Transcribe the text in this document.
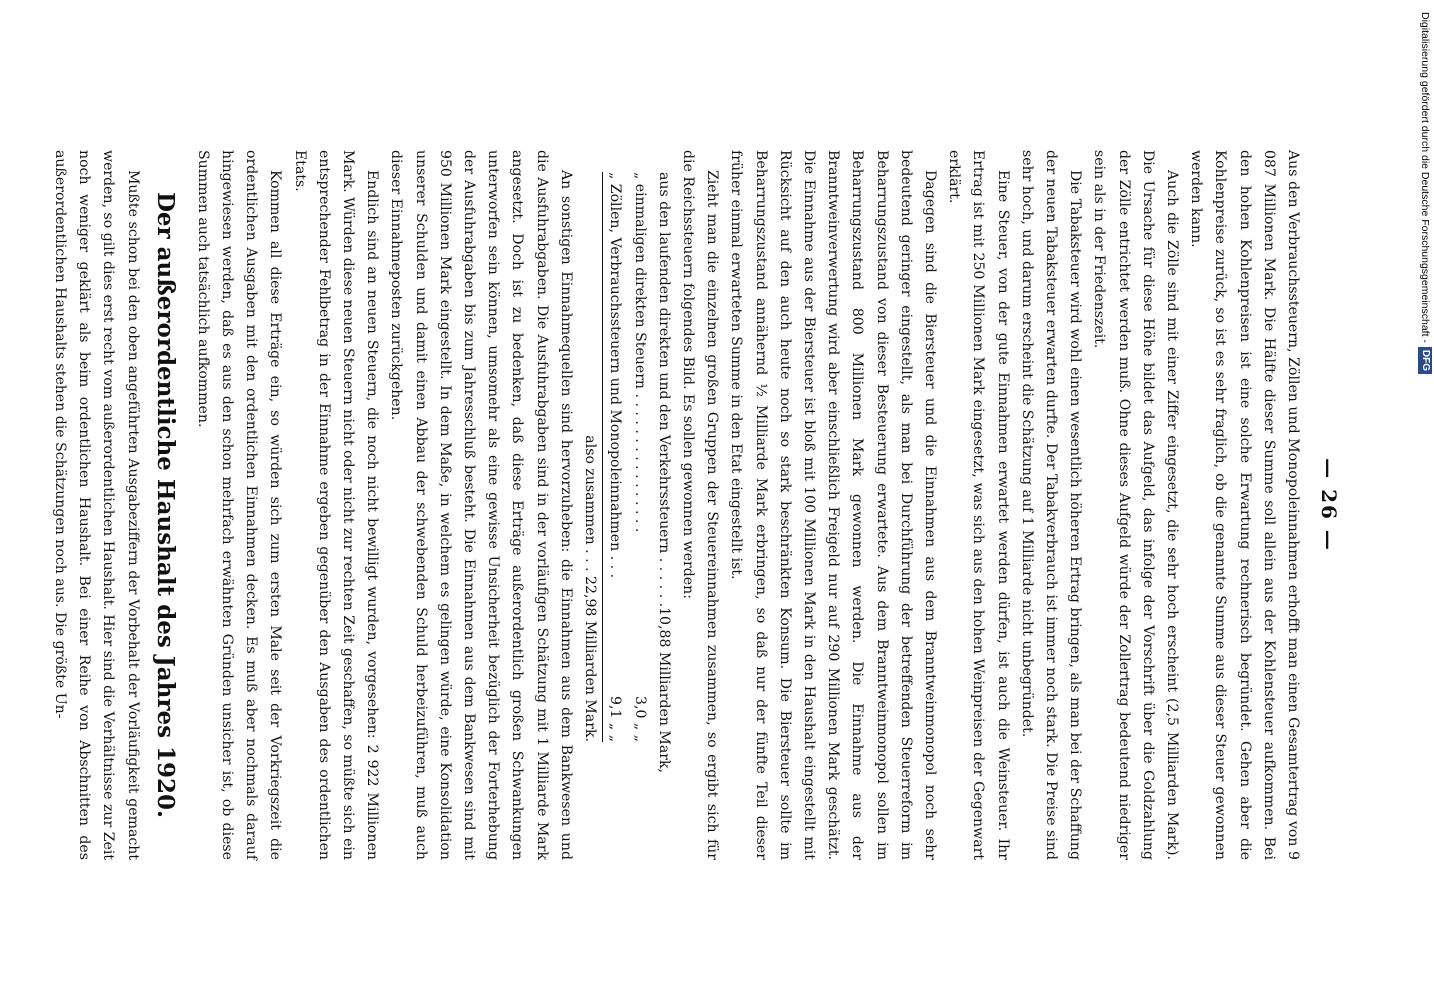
Digitalisierung gefördert durch die Deutsche Forschungsgemeinschaft -DFG
— 26 —

Aus den Verbrauchssteuern, Zöllen und Monopoleinnahmen erhofft man einen Gesamtertrag von 9 087 Millionen Mark. Die Hälfte dieser Summe soll allein aus der Kohlensteuer aufkommen. Bei den hohen Kohlenpreisen ist eine solche Erwartung rechnerisch begründet. Gehen aber die Kohlenpreise zurück, so ist es sehr fraglich, ob die genannte Summe aus dieser Steuer gewonnen werden kann.

Auch die Zölle sind mit einer Ziffer eingesetzt, die sehr hoch erscheint (2,5 Milliarden Mark). Die Ursache für diese Höhe bildet das Aufgeld, das infolge der Vorschrift über die Goldzahlung der Zölle entrichtet werden muß. Ohne dieses Aufgeld würde der Zollertrag bedeutend niedriger sein als in der Friedenszeit.

Die Tabaksteuer wird wohl einen wesentlich höheren Ertrag bringen, als man bei der Schaffung der neuen Tabaksteuer erwarten durfte. Der Tabakverbrauch ist immer noch stark. Die Preise sind sehr hoch, und darum erscheint die Schätzung auf 1 Milliarde nicht unbegründet.

Eine Steuer, von der gute Einnahmen erwartet werden dürfen, ist auch die Weinsteuer. Ihr Ertrag ist mit 250 Millionen Mark eingesetzt, was sich aus den hohen Weinpreisen der Gegenwart erklärt.

Dagegen sind die Biersteuer und die Einnahmen aus dem Branntweinmonopol noch sehr bedeutend geringer eingestellt, als man bei Durchführung der betreffenden Steuerreform im Beharrungszustand von dieser Besteuerung erwartete. Aus dem Branntweinmonopol sollen im Beharrungszustand 800 Millionen Mark gewonnen werden. Die Einnahme aus der Branntweinverwertung wird aber einschließlich Freigeld nur auf 290 Millionen Mark geschätzt. Die Einnahme aus der Biersteuer ist bloß mit 100 Millionen Mark in den Haushalt eingestellt mit Rücksicht auf den auch heute noch so stark beschränkten Konsum. Die Biersteuer sollte im Beharrungszustand annähernd ½ Milliarde Mark erbringen, so daß nur der fünfte Teil dieser früher einmal erwarteten Summe in den Etat eingestellt ist.

Zieht man die einzelnen großen Gruppen der Steuereinnahmen zusammen, so ergibt sich für die Reichssteuern folgendes Bild. Es sollen gewonnen werden:

aus den laufenden direkten und den Verkehrssteuern . . . . . .
10,88 Milliarden Mark,
„ einmaligen direkten Steuern . . . . . . . . . . . . . . . .
3,0 „ „
„ Zöllen, Verbrauchssteuern und Monopoleinnahmen . . .
9,1 „ „
also zusammen . . . 22,98 Milliarden Mark.

An sonstigen Einnahmequellen sind hervorzuheben: die Einnahmen aus dem Bankwesen und die Ausfuhrabgaben. Die Ausfuhrabgaben sind in der vorläufigen Schätzung mit 1 Milliarde Mark angesetzt. Doch ist zu bedenken, daß diese Erträge außerordentlich großen Schwankungen unterworfen sein können, umsomehr als eine gewisse Unsicherheit bezüglich der Forterhebung der Ausfuhrabgaben bis zum Jahresschluß besteht. Die Einnahmen aus dem Bankwesen sind mit 950 Millionen Mark eingestellt. In dem Maße, in welchem es gelingen würde, eine Konsolidation unserer Schulden und damit einen Abbau der schwebenden Schuld herbeizuführen, muß auch dieser Einnahmeposten zurückgehen.

Endlich sind an neuen Steuern, die noch nicht bewilligt wurden, vorgesehen: 2 922 Millionen Mark. Würden diese neuen Steuern nicht oder nicht zur rechten Zeit geschaffen, so müßte sich ein entsprechender Fehlbetrag in der Einnahme ergeben gegenüber den Ausgaben des ordentlichen Etats.

Kommen all diese Erträge ein, so würden sich zum ersten Male seit der Vorkriegszeit die ordentlichen Ausgaben mit den ordentlichen Einnahmen decken. Es muß aber nochmals darauf hingewiesen werden, daß es aus den schon mehrfach erwähnten Gründen unsicher ist, ob diese Summen auch tatsächlich aufkommen.

Der außerordentliche Haushalt des Jahres 1920.

Mußte schon bei den oben angeführten Ausgabeziffern der Vorbehalt der Vorläufigkeit gemacht werden, so gilt dies erst recht vom außerordentlichen Haushalt. Hier sind die Verhältnisse zur Zeit noch weniger geklärt als beim ordentlichen Haushalt. Bei einer Reihe von Abschnitten des außerordentlichen Haushalts stehen die Schätzungen noch aus. Die größte Un-
